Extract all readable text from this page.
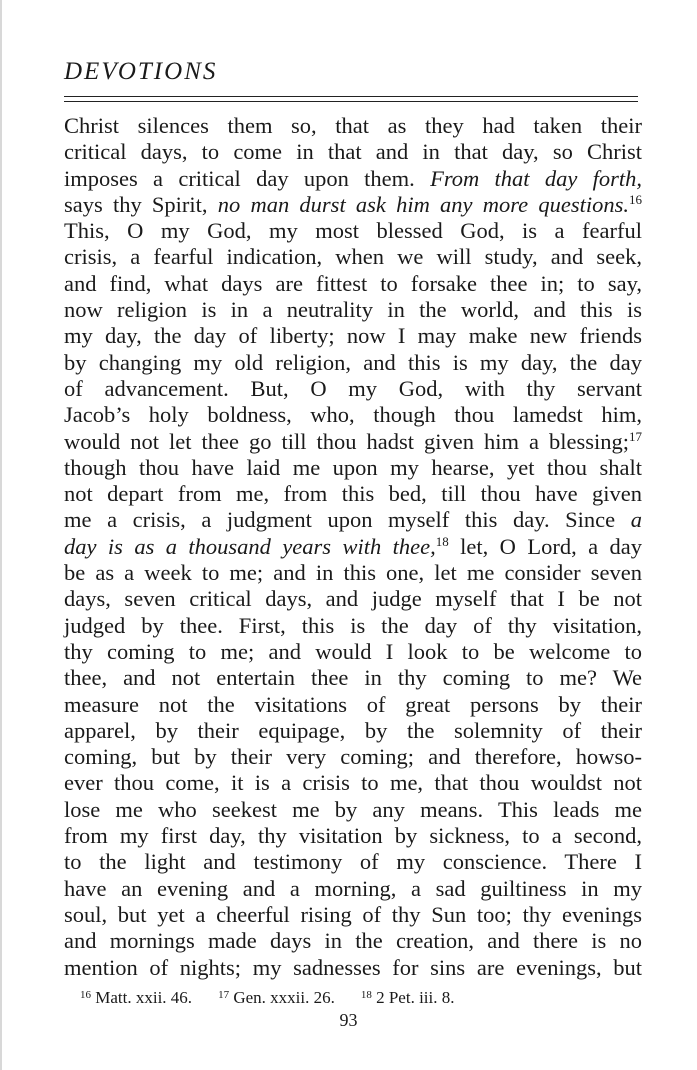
DEVOTIONS
Christ silences them so, that as they had taken their
critical days, to come in that and in that day, so Christ
imposes a critical day upon them. From that day forth,
says thy Spirit, no man durst ask him any more questions.$^{16}$
This, O my God, my most blessed God, is a fearful
crisis, a fearful indication, when we will study, and seek,
and find, what days are fittest to forsake thee in; to say,
now religion is in a neutrality in the world, and this is
my day, the day of liberty; now I may make new friends
by changing my old religion, and this is my day, the day
of advancement. But, O my God, with thy servant
Jacob’s holy boldness, who, though thou lamedst him,
would not let thee go till thou hadst given him a blessing;$^{17}$
though thou have laid me upon my hearse, yet thou shalt
not depart from me, from this bed, till thou have given
me a crisis, a judgment upon myself this day. Since a
day is as a thousand years with thee,$^{18}$ let, O Lord, a day
be as a week to me; and in this one, let me consider seven
days, seven critical days, and judge myself that I be not
judged by thee. First, this is the day of thy visitation,
thy coming to me; and would I look to be welcome to
thee, and not entertain thee in thy coming to me? We
measure not the visitations of great persons by their
apparel, by their equipage, by the solemnity of their
coming, but by their very coming; and therefore, howso-
ever thou come, it is a crisis to me, that thou wouldst not
lose me who seekest me by any means. This leads me
from my first day, thy visitation by sickness, to a second,
to the light and testimony of my conscience. There I
have an evening and a morning, a sad guiltiness in my
soul, but yet a cheerful rising of thy Sun too; thy evenings
and mornings made days in the creation, and there is no
mention of nights; my sadnesses for sins are evenings, but
$^{16}$ Matt. xxii. 46. $^{17}$ Gen. xxxii. 26. $^{18}$ 2 Pet. iii. 8.
93
